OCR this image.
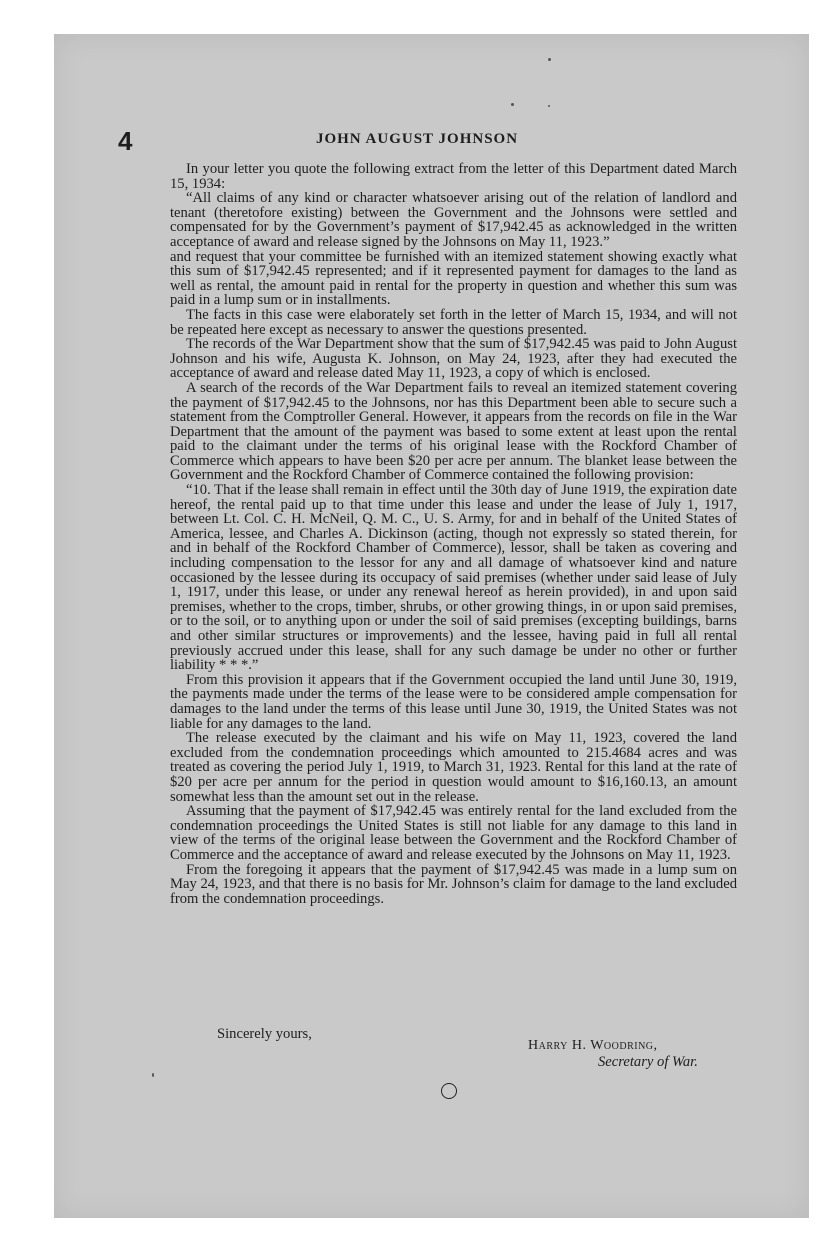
4	JOHN AUGUST JOHNSON

In your letter you quote the following extract from the letter of this Department dated March 15, 1934:

“All claims of any kind or character whatsoever arising out of the relation of landlord and tenant (theretofore existing) between the Government and the Johnsons were settled and compensated for by the Government’s payment of $17,942.45 as acknowledged in the written acceptance of award and release signed by the Johnsons on May 11, 1923.”

and request that your committee be furnished with an itemized statement showing exactly what this sum of $17,942.45 represented; and if it represented payment for damages to the land as well as rental, the amount paid in rental for the property in question and whether this sum was paid in a lump sum or in installments.

The facts in this case were elaborately set forth in the letter of March 15, 1934, and will not be repeated here except as necessary to answer the questions presented.

The records of the War Department show that the sum of $17,942.45 was paid to John August Johnson and his wife, Augusta K. Johnson, on May 24, 1923, after they had executed the acceptance of award and release dated May 11, 1923, a copy of which is enclosed.

A search of the records of the War Department fails to reveal an itemized statement covering the payment of $17,942.45 to the Johnsons, nor has this Department been able to secure such a statement from the Comptroller General. However, it appears from the records on file in the War Department that the amount of the payment was based to some extent at least upon the rental paid to the claimant under the terms of his original lease with the Rockford Chamber of Commerce which appears to have been $20 per acre per annum. The blanket lease between the Government and the Rockford Chamber of Commerce contained the following provision:

“10. That if the lease shall remain in effect until the 30th day of June 1919, the expiration date hereof, the rental paid up to that time under this lease and under the lease of July 1, 1917, between Lt. Col. C. H. McNeil, Q. M. C., U. S. Army, for and in behalf of the United States of America, lessee, and Charles A. Dickinson (acting, though not expressly so stated therein, for and in behalf of the Rockford Chamber of Commerce), lessor, shall be taken as covering and including compensation to the lessor for any and all damage of whatsoever kind and nature occasioned by the lessee during its occupacy of said premises (whether under said lease of July 1, 1917, under this lease, or under any renewal hereof as herein provided), in and upon said premises, whether to the crops, timber, shrubs, or other growing things, in or upon said premises, or to the soil, or to anything upon or under the soil of said premises (excepting buildings, barns and other similar structures or improvements) and the lessee, having paid in full all rental previously accrued under this lease, shall for any such damage be under no other or further liability * * *.”

From this provision it appears that if the Government occupied the land until June 30, 1919, the payments made under the terms of the lease were to be considered ample compensation for damages to the land under the terms of this lease until June 30, 1919, the United States was not liable for any damages to the land.

The release executed by the claimant and his wife on May 11, 1923, covered the land excluded from the condemnation proceedings which amounted to 215.4684 acres and was treated as covering the period July 1, 1919, to March 31, 1923. Rental for this land at the rate of $20 per acre per annum for the period in question would amount to $16,160.13, an amount somewhat less than the amount set out in the release.

Assuming that the payment of $17,942.45 was entirely rental for the land excluded from the condemnation proceedings the United States is still not liable for any damage to this land in view of the terms of the original lease between the Government and the Rockford Chamber of Commerce and the acceptance of award and release executed by the Johnsons on May 11, 1923.

From the foregoing it appears that the payment of $17,942.45 was made in a lump sum on May 24, 1923, and that there is no basis for Mr. Johnson’s claim for damage to the land excluded from the condemnation proceedings.

Sincerely yours,
Harry H. Woodring,
Secretary of War.
